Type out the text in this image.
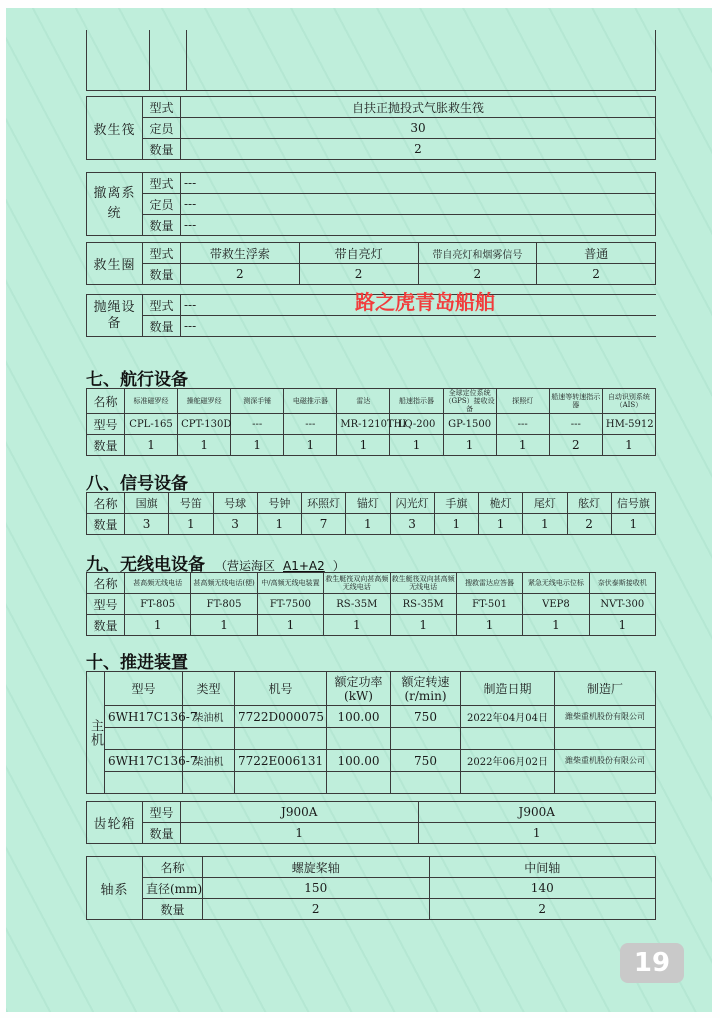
救生筏	型式	自扶正抛投式气胀救生筏
	定员	30
	数量	2
撤离系统	型式	---
	定员	---
	数量	---
救生圈	型式	带救生浮索	带自亮灯	带自亮灯和烟雾信号	普通
	数量	2	2	2	2
抛绳设备	型式	---
	数量	---
路之虎青岛船舶
七、航行设备
名称	标准磁罗经	操舵磁罗经	测深手锤	电磁推示器	雷达	船速指示器	全球定位系统（GPS）接收设备	探照灯	船速等转速指示器	自动识别系统（AIS）
型号	CPL-165	CPT-130D	---	---	MR-1210THI	LQ-200	GP-1500	---	---	HM-5912
数量	1	1	1	1	1	1	1	1	2	1
八、信号设备
名称	国旗	号笛	号球	号钟	环照灯	锚灯	闪光灯	手旗	桅灯	尾灯	舷灯	信号旗
数量	3	1	3	1	7	1	3	1	1	1	2	1
九、无线电设备 （营运海区 A1+A2 ）
名称	甚高频无线电话	甚高频无线电话(便)	中/高频无线电装置	救生艇筏双向甚高频无线电话	救生艇筏双向甚高频无线电话	搜救雷达应答器	紧急无线电示位标	奈伏泰斯接收机
型号	FT-805	FT-805	FT-7500	RS-35M	RS-35M	FT-501	VEP8	NVT-300
数量	1	1	1	1	1	1	1	1
十、推进装置
主机	型号	类型	机号	额定功率(kW)	额定转速(r/min)	制造日期	制造厂
	6WH17C136-7	柴油机	7722D000075	100.00	750	2022年04月04日	潍柴重机股份有限公司

	6WH17C136-7	柴油机	7722E006131	100.00	750	2022年06月02日	潍柴重机股份有限公司

齿轮箱	型号	J900A	J900A
	数量	1	1
轴系	名称	螺旋桨轴	中间轴
	直径(mm)	150	140
	数量	2	2
19
